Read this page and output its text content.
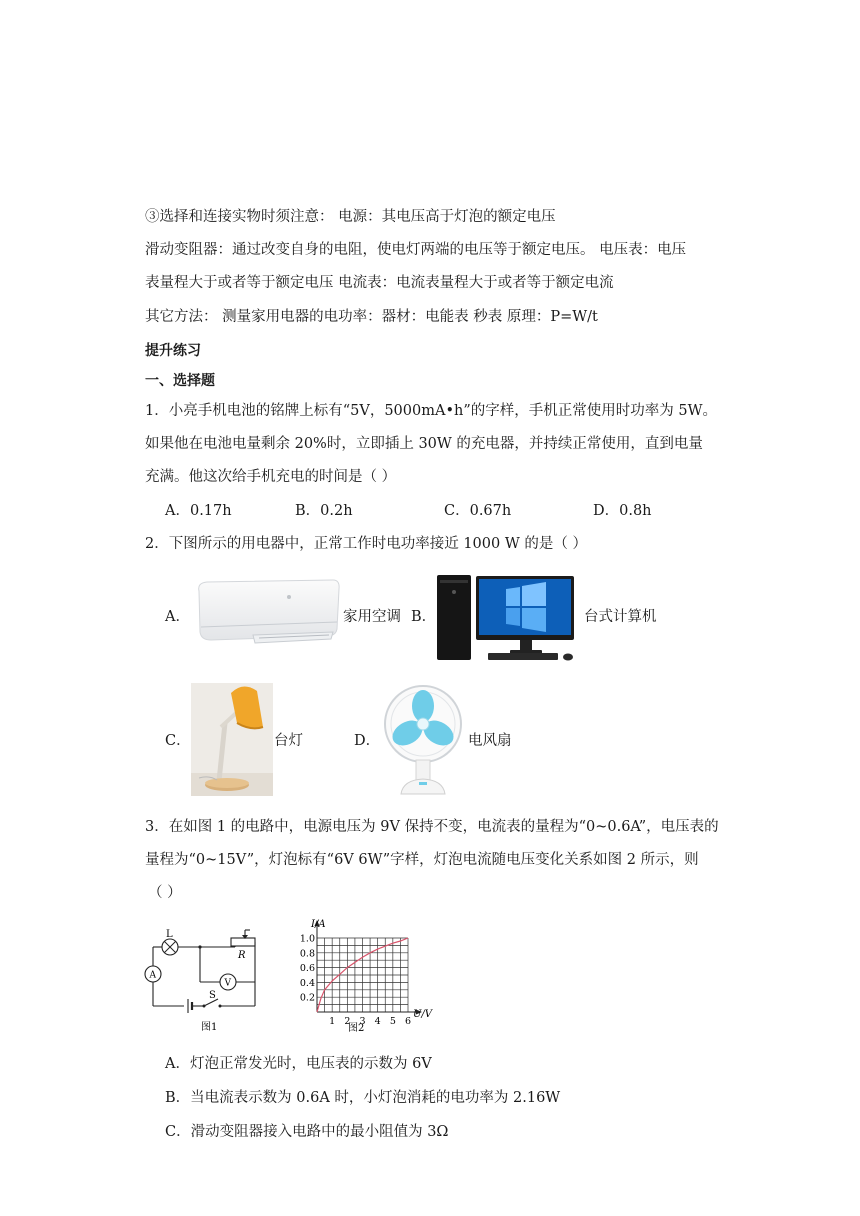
③选择和连接实物时须注意： 电源：其电压高于灯泡的额定电压
滑动变阻器：通过改变自身的电阻，使电灯两端的电压等于额定电压。 电压表：电压
表量程大于或者等于额定电压 电流表：电流表量程大于或者等于额定电流
其它方法： 测量家用电器的电功率：器材：电能表 秒表 原理：P=W/t
提升练习
一、选择题
1．小亮手机电池的铭牌上标有“5V，5000mA•h”的字样，手机正常使用时功率为 5W。
如果他在电池电量剩余 20%时，立即插上 30W 的充电器，并持续正常使用，直到电量
充满。他这次给手机充电的时间是（ ）
A．0.17h	B．0.2h	C．0.67h	D．0.8h
2．下图所示的用电器中，正常工作时电功率接近 1000 W 的是（ ）
A．	家用空调 B．	台式计算机
C．	台灯	D．	电风扇
3．在如图 1 的电路中，电源电压为 9V 保持不变，电流表的量程为“0~0.6A”，电压表的
量程为“0~15V”，灯泡标有“6V 6W”字样，灯泡电流随电压变化关系如图 2 所示，则
（ ）
L
R
A
V
S
图1
1 2 3 4 5 6
0.2
0.4
0.6
0.8
1.0
I/A
U/V
图2
A．灯泡正常发光时，电压表的示数为 6V
B．当电流表示数为 0.6A 时，小灯泡消耗的电功率为 2.16W
C．滑动变阻器接入电路中的最小阻值为 3Ω
